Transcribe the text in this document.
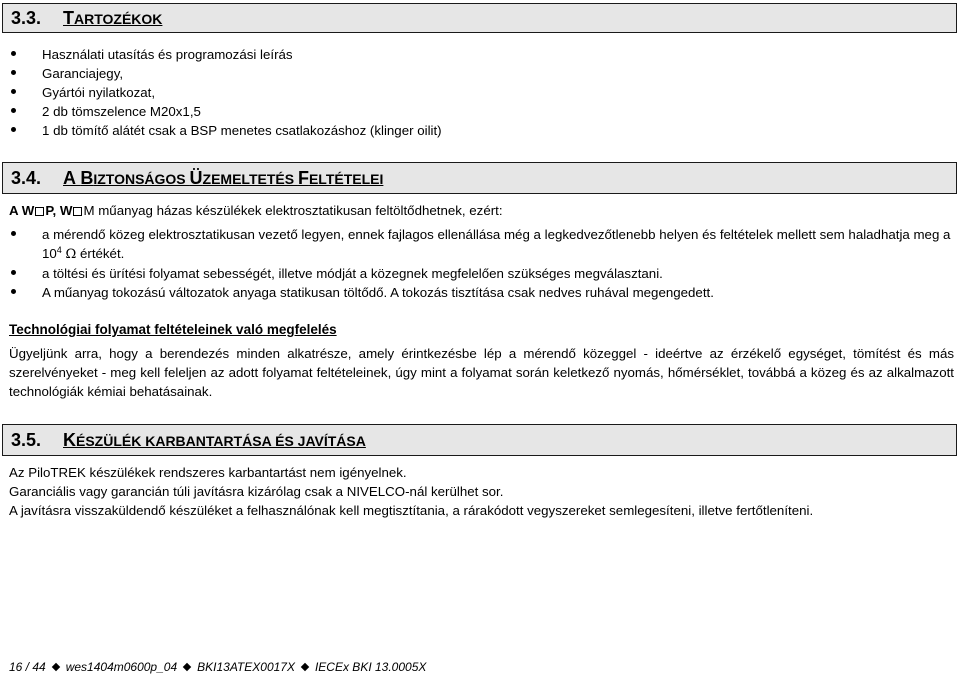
3.3.	TARTOZÉKOK
Használati utasítás és programozási leírás
Garanciajegy,
Gyártói nyilatkozat,
2 db tömszelence M20x1,5
1 db tömítő alátét csak a BSP menetes csatlakozáshoz (klinger oilit)
3.4.	A BIZTONSÁGOS ÜZEMELTETÉS FELTÉTELEI
A W P, W M műanyag házas készülékek elektrosztatikusan feltöltődhetnek, ezért:
a mérendő közeg elektrosztatikusan vezető legyen, ennek fajlagos ellenállása még a legkedvezőtlenebb helyen és feltételek mellett sem haladhatja meg a $10^4$ Ω értékét.
a töltési és ürítési folyamat sebességét, illetve módját a közegnek megfelelően szükséges megválasztani.
A műanyag tokozású változatok anyaga statikusan töltődő. A tokozás tisztítása csak nedves ruhával megengedett.
Technológiai folyamat feltételeinek való megfelelés
Ügyeljünk arra, hogy a berendezés minden alkatrésze, amely érintkezésbe lép a mérendő közeggel - ideértve az érzékelő egységet, tömítést és más szerelvényeket - meg kell feleljen az adott folyamat feltételeinek, úgy mint a folyamat során keletkező nyomás, hőmérséklet, továbbá a közeg és az alkalmazott technológiák kémiai behatásainak.
3.5.	KÉSZÜLÉK KARBANTARTÁSA ÉS JAVÍTÁSA
Az PiloTREK készülékek rendszeres karbantartást nem igényelnek.
Garanciális vagy garancián túli javításra kizárólag csak a NIVELCO-nál kerülhet sor.
A javításra visszaküldendő készüléket a felhasználónak kell megtisztítania, a rárakódott vegyszereket semlegesíteni, illetve fertőtleníteni.
16 / 44 wes1404m0600p_04 BKI13ATEX0017X IECEx BKI 13.0005X
